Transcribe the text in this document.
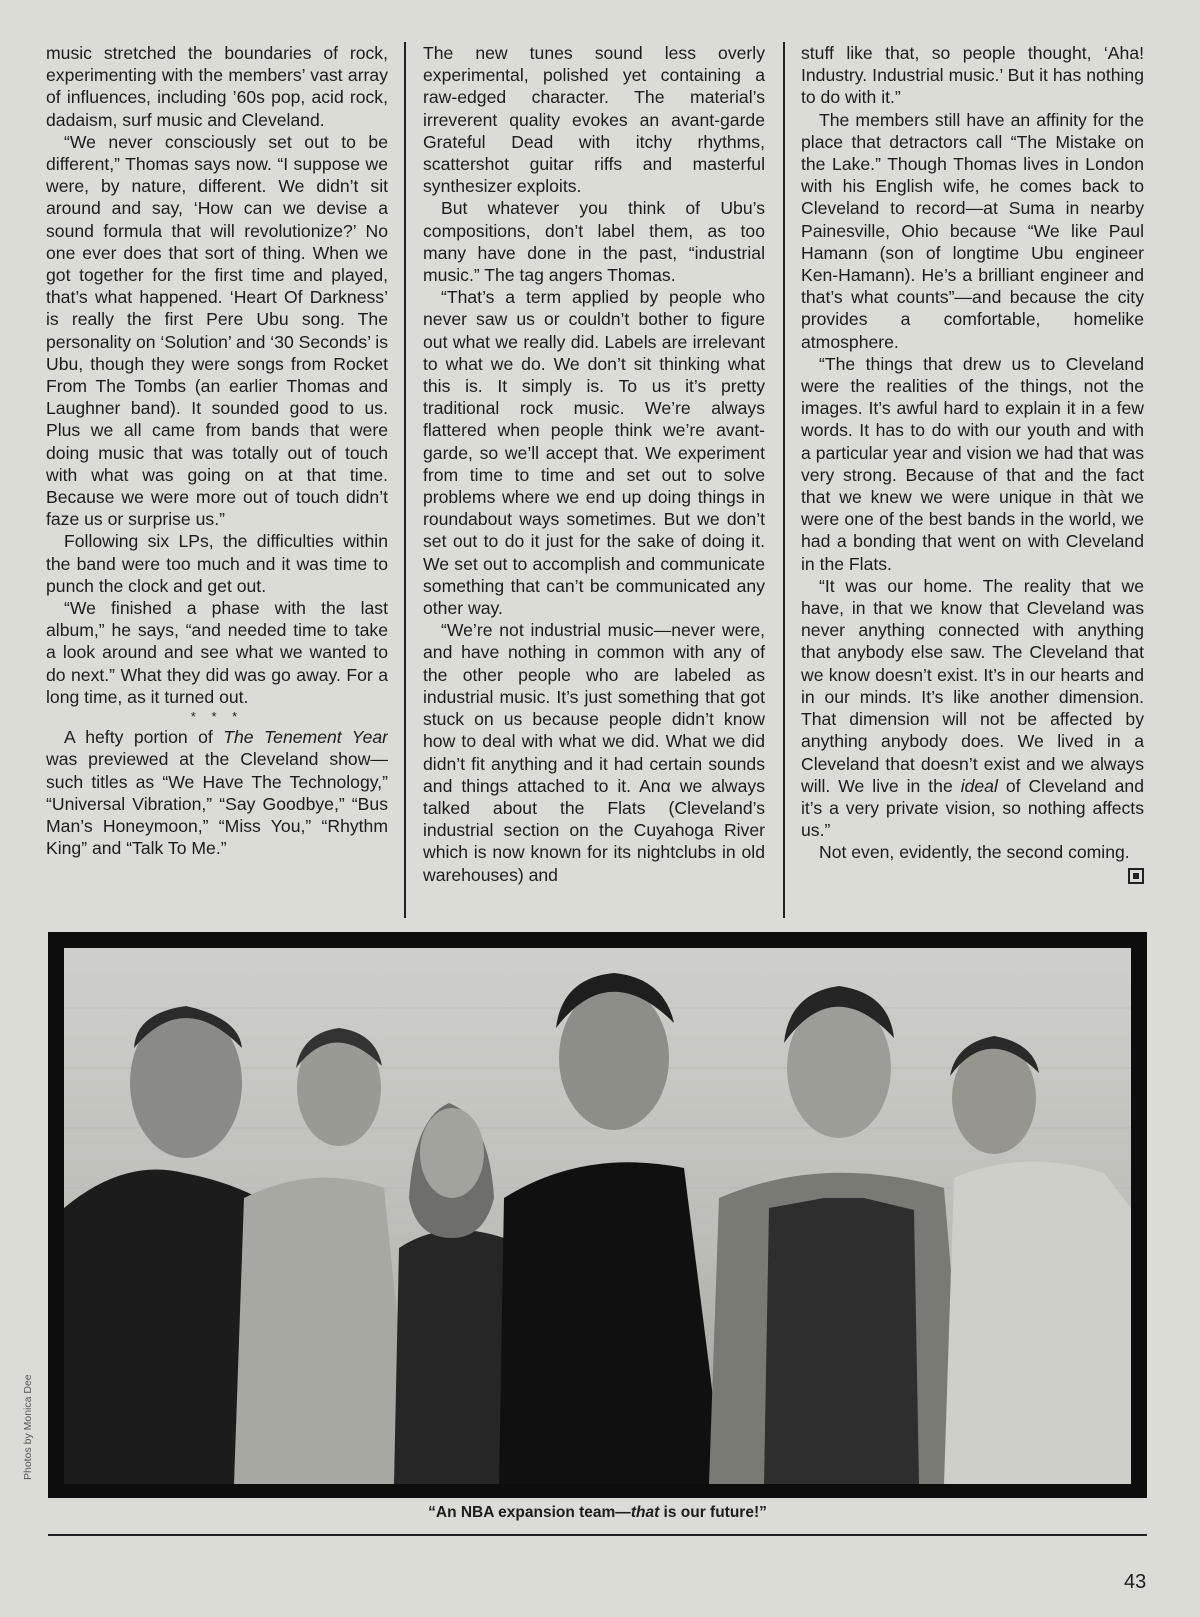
music stretched the boundaries of rock, experimenting with the members’ vast array of influences, including ’60s pop, acid rock, dadaism, surf music and Cleveland.

“We never consciously set out to be different,” Thomas says now. “I suppose we were, by nature, different. We didn’t sit around and say, ‘How can we devise a sound formula that will revolutionize?’ No one ever does that sort of thing. When we got together for the first time and played, that’s what happened. ‘Heart Of Darkness’ is really the first Pere Ubu song. The personality on ‘Solution’ and ‘30 Seconds’ is Ubu, though they were songs from Rocket From The Tombs (an earlier Thomas and Laughner band). It sounded good to us. Plus we all came from bands that were doing music that was totally out of touch with what was going on at that time. Because we were more out of touch didn’t faze us or surprise us.”

Following six LPs, the difficulties within the band were too much and it was time to punch the clock and get out.

“We finished a phase with the last album,” he says, “and needed time to take a look around and see what we wanted to do next.” What they did was go away. For a long time, as it turned out.

* * *

A hefty portion of The Tenement Year was previewed at the Cleveland show—such titles as “We Have The Technology,” “Universal Vibration,” “Say Goodbye,” “Bus Man’s Honeymoon,” “Miss You,” “Rhythm King” and “Talk To Me.”

The new tunes sound less overly experimental, polished yet containing a raw-edged character. The material’s irreverent quality evokes an avant-garde Grateful Dead with itchy rhythms, scattershot guitar riffs and masterful synthesizer exploits.

But whatever you think of Ubu’s compositions, don’t label them, as too many have done in the past, “industrial music.” The tag angers Thomas.

“That’s a term applied by people who never saw us or couldn’t bother to figure out what we really did. Labels are irrelevant to what we do. We don’t sit thinking what this is. It simply is. To us it’s pretty traditional rock music. We’re always flattered when people think we’re avant-garde, so we’ll accept that. We experiment from time to time and set out to solve problems where we end up doing things in roundabout ways sometimes. But we don’t set out to do it just for the sake of doing it. We set out to accomplish and communicate something that can’t be communicated any other way.

“We’re not industrial music—never were, and have nothing in common with any of the other people who are labeled as industrial music. It’s just something that got stuck on us because people didn’t know how to deal with what we did. What we did didn’t fit anything and it had certain sounds and things attached to it. Anα we always talked about the Flats (Cleveland’s industrial section on the Cuyahoga River which is now known for its nightclubs in old warehouses) and

stuff like that, so people thought, ‘Aha! Industry. Industrial music.’ But it has nothing to do with it.”

The members still have an affinity for the place that detractors call “The Mistake on the Lake.” Though Thomas lives in London with his English wife, he comes back to Cleveland to record—at Suma in nearby Painesville, Ohio because “We like Paul Hamann (son of longtime Ubu engineer Ken-Hamann). He’s a brilliant engineer and that’s what counts”—and because the city provides a comfortable, homelike atmosphere.

“The things that drew us to Cleveland were the realities of the things, not the images. It’s awful hard to explain it in a few words. It has to do with our youth and with a particular year and vision we had that was very strong. Because of that and the fact that we knew we were unique in thàt we were one of the best bands in the world, we had a bonding that went on with Cleveland in the Flats.

“It was our home. The reality that we have, in that we know that Cleveland was never anything connected with anything that anybody else saw. The Cleveland that we know doesn’t exist. It’s in our hearts and in our minds. It’s like another dimension. That dimension will not be affected by anything anybody does. We lived in a Cleveland that doesn’t exist and we always will. We live in the ideal of Cleveland and it’s a very private vision, so nothing affects us.”

Not even, evidently, the second coming.

Photos by Monica Dee
“An NBA expansion team—that is our future!”
43
